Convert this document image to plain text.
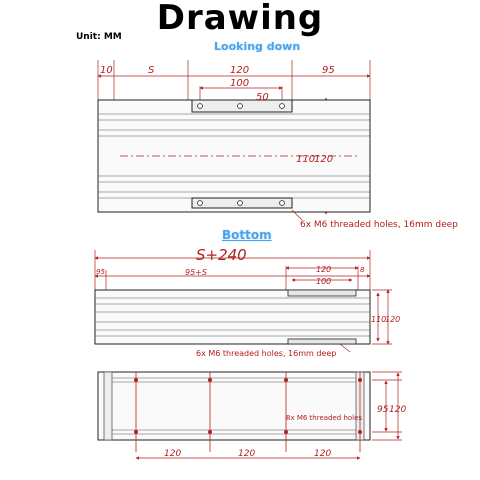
Drawing
Unit: MM
Looking down
Bottom
10	S	120	95
100
50
110
120
6x M6 threaded holes, 16mm deep
S+240
95	95+S	120
100
8
110
120
6x M6 threaded holes, 16mm deep
120	120	120
95 120
8x M6 threaded holes
